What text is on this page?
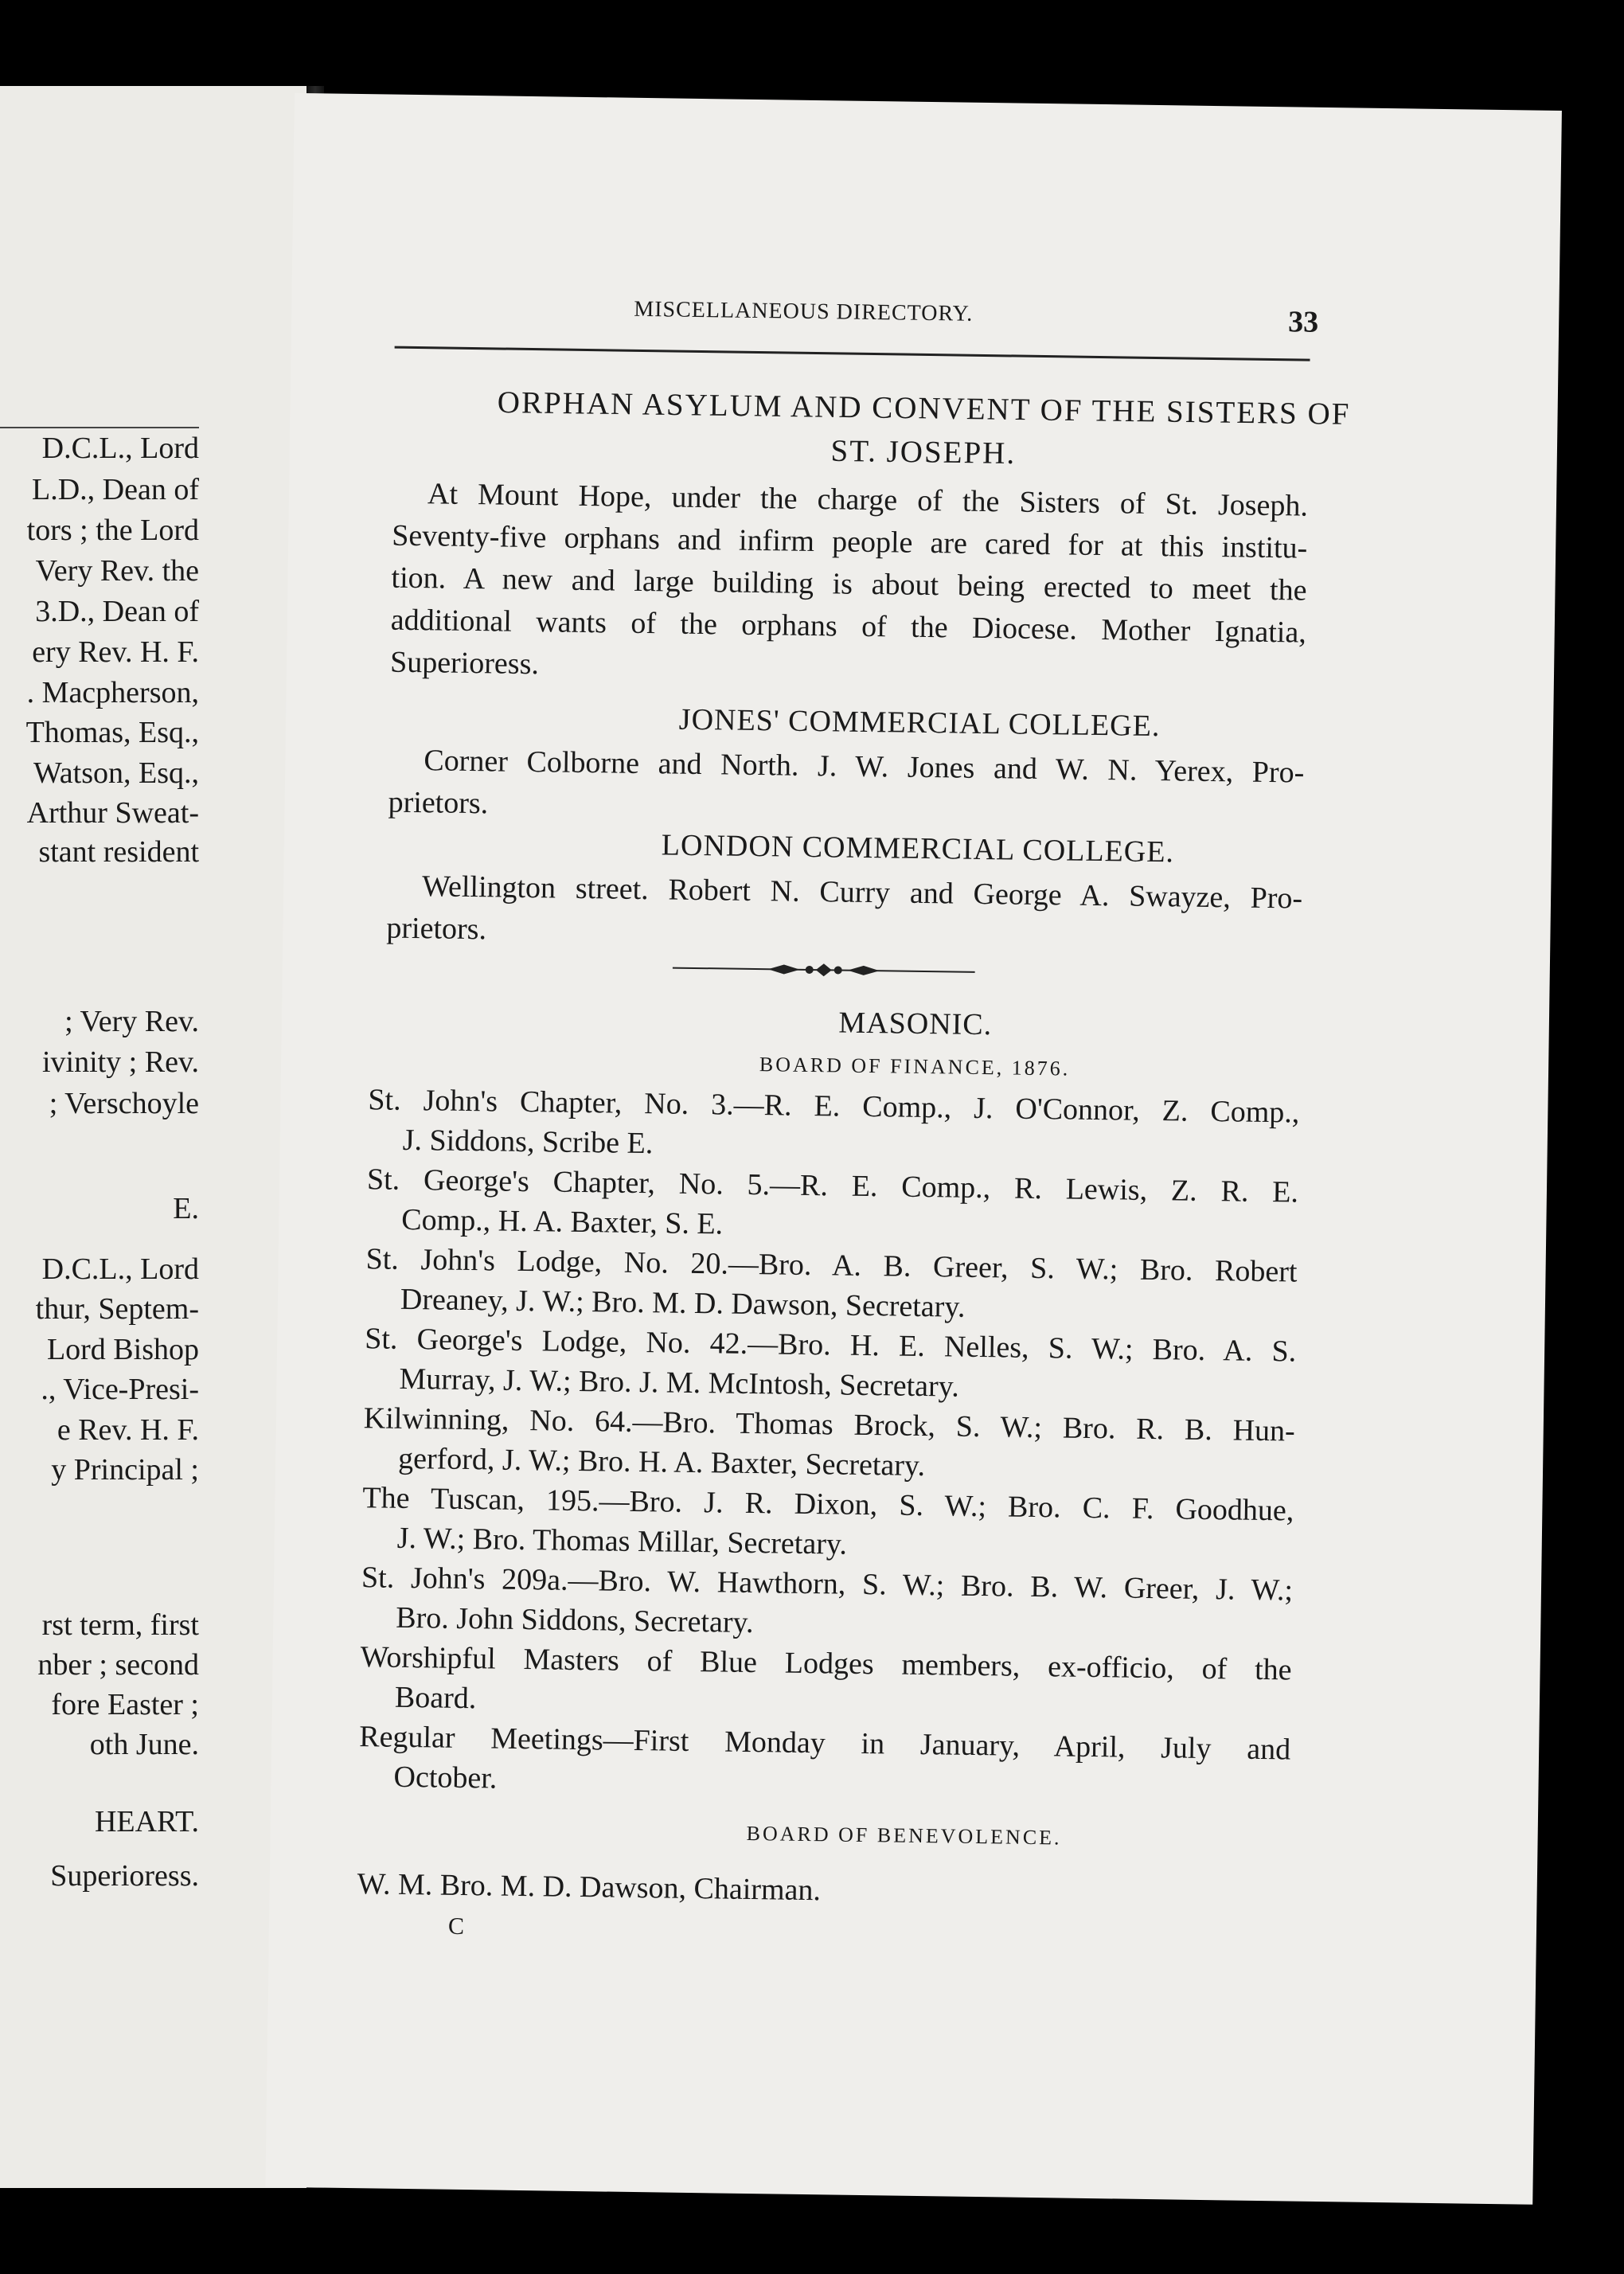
D.C.L., Lord
L.D., Dean of
tors ; the Lord
Very Rev. the
3.D., Dean of
ery Rev. H. F.
. Macpherson,
Thomas, Esq.,
Watson, Esq.,
Arthur Sweat-
stant resident
; Very Rev.
ivinity ; Rev.
; Verschoyle
E.
D.C.L., Lord
thur, Septem-
Lord Bishop
., Vice-Presi-
e Rev. H. F.
y Principal ;
rst term, first
nber ; second
fore Easter ;
oth June.
HEART.
Superioress.
MISCELLANEOUS DIRECTORY.	33
ORPHAN ASYLUM AND CONVENT OF THE SISTERS OF
ST. JOSEPH.
At Mount Hope, under the charge of the Sisters of St. Joseph.
Seventy-five orphans and infirm people are cared for at this institu-
tion. A new and large building is about being erected to meet the
additional wants of the orphans of the Diocese. Mother Ignatia,
Superioress.
JONES' COMMERCIAL COLLEGE.
Corner Colborne and North. J. W. Jones and W. N. Yerex, Pro-
prietors.
LONDON COMMERCIAL COLLEGE.
Wellington street. Robert N. Curry and George A. Swayze, Pro-
prietors.
MASONIC.
BOARD OF FINANCE, 1876.
St. John's Chapter, No. 3.—R. E. Comp., J. O'Connor, Z. Comp.,
J. Siddons, Scribe E.
St. George's Chapter, No. 5.—R. E. Comp., R. Lewis, Z. R. E.
Comp., H. A. Baxter, S. E.
St. John's Lodge, No. 20.—Bro. A. B. Greer, S. W.; Bro. Robert
Dreaney, J. W.; Bro. M. D. Dawson, Secretary.
St. George's Lodge, No. 42.—Bro. H. E. Nelles, S. W.; Bro. A. S.
Murray, J. W.; Bro. J. M. McIntosh, Secretary.
Kilwinning, No. 64.—Bro. Thomas Brock, S. W.; Bro. R. B. Hun-
gerford, J. W.; Bro. H. A. Baxter, Secretary.
The Tuscan, 195.—Bro. J. R. Dixon, S. W.; Bro. C. F. Goodhue,
J. W.; Bro. Thomas Millar, Secretary.
St. John's 209a.—Bro. W. Hawthorn, S. W.; Bro. B. W. Greer, J. W.;
Bro. John Siddons, Secretary.
Worshipful Masters of Blue Lodges members, ex-officio, of the
Board.
Regular Meetings—First Monday in January, April, July and
October.
BOARD OF BENEVOLENCE.
W. M. Bro. M. D. Dawson, Chairman.
C
